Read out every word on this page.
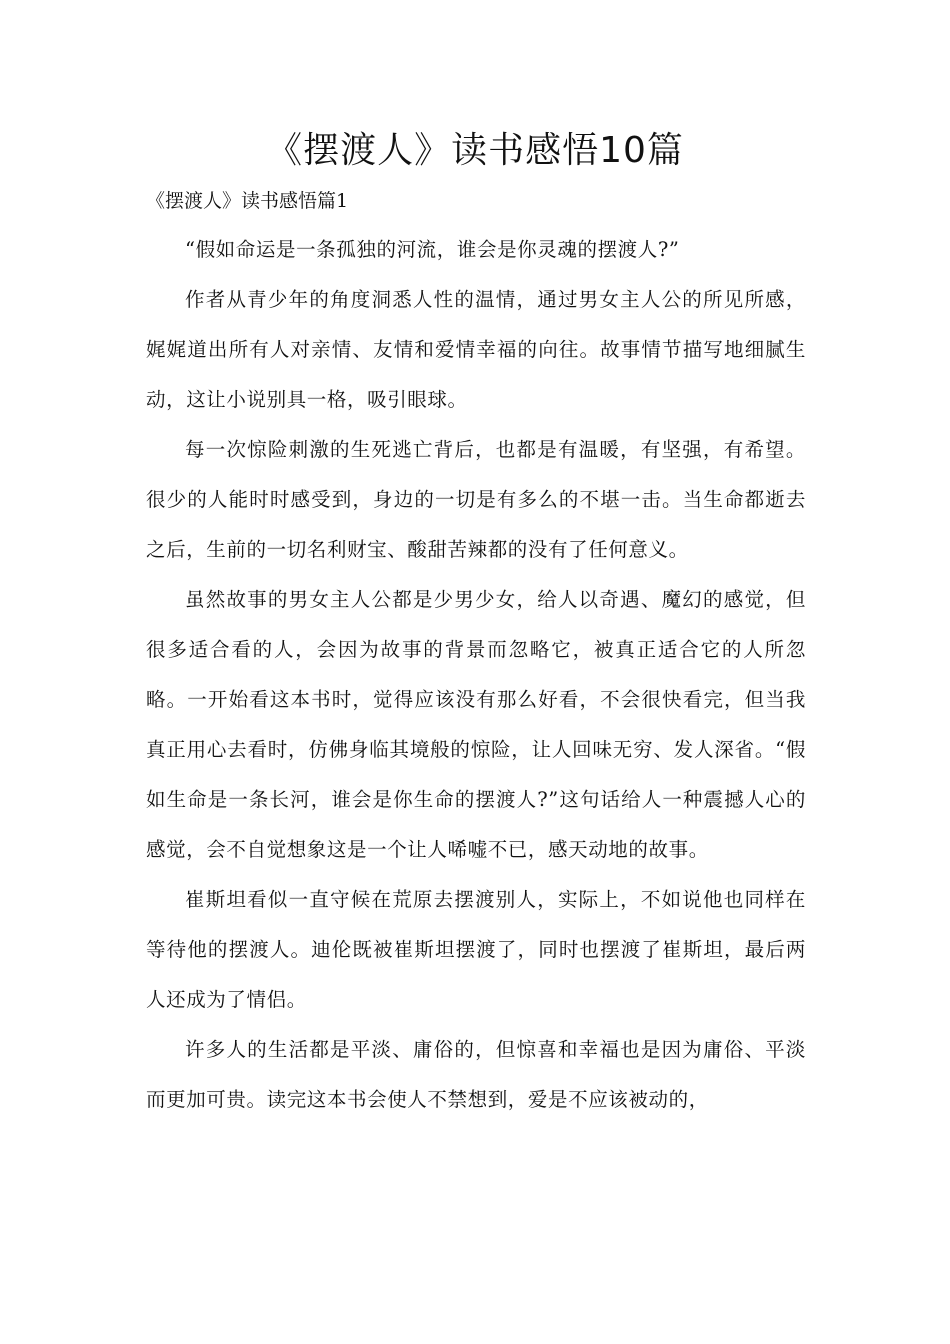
《摆渡人》读书感悟10篇
《摆渡人》读书感悟篇1

“假如命运是一条孤独的河流，谁会是你灵魂的摆渡人?”

作者从青少年的角度洞悉人性的温情，通过男女主人公的所见所感，娓娓道出所有人对亲情、友情和爱情幸福的向往。故事情节描写地细腻生动，这让小说别具一格，吸引眼球。

每一次惊险刺激的生死逃亡背后，也都是有温暖，有坚强，有希望。很少的人能时时感受到，身边的一切是有多么的不堪一击。当生命都逝去之后，生前的一切名利财宝、酸甜苦辣都的没有了任何意义。

虽然故事的男女主人公都是少男少女，给人以奇遇、魔幻的感觉，但很多适合看的人，会因为故事的背景而忽略它，被真正适合它的人所忽略。一开始看这本书时，觉得应该没有那么好看，不会很快看完，但当我真正用心去看时，仿佛身临其境般的惊险，让人回味无穷、发人深省。“假如生命是一条长河，谁会是你生命的摆渡人?”这句话给人一种震撼人心的感觉，会不自觉想象这是一个让人唏嘘不已，感天动地的故事。

崔斯坦看似一直守候在荒原去摆渡别人，实际上，不如说他也同样在等待他的摆渡人。迪伦既被崔斯坦摆渡了，同时也摆渡了崔斯坦，最后两人还成为了情侣。

许多人的生活都是平淡、庸俗的，但惊喜和幸福也是因为庸俗、平淡而更加可贵。读完这本书会使人不禁想到，爱是不应该被动的，
